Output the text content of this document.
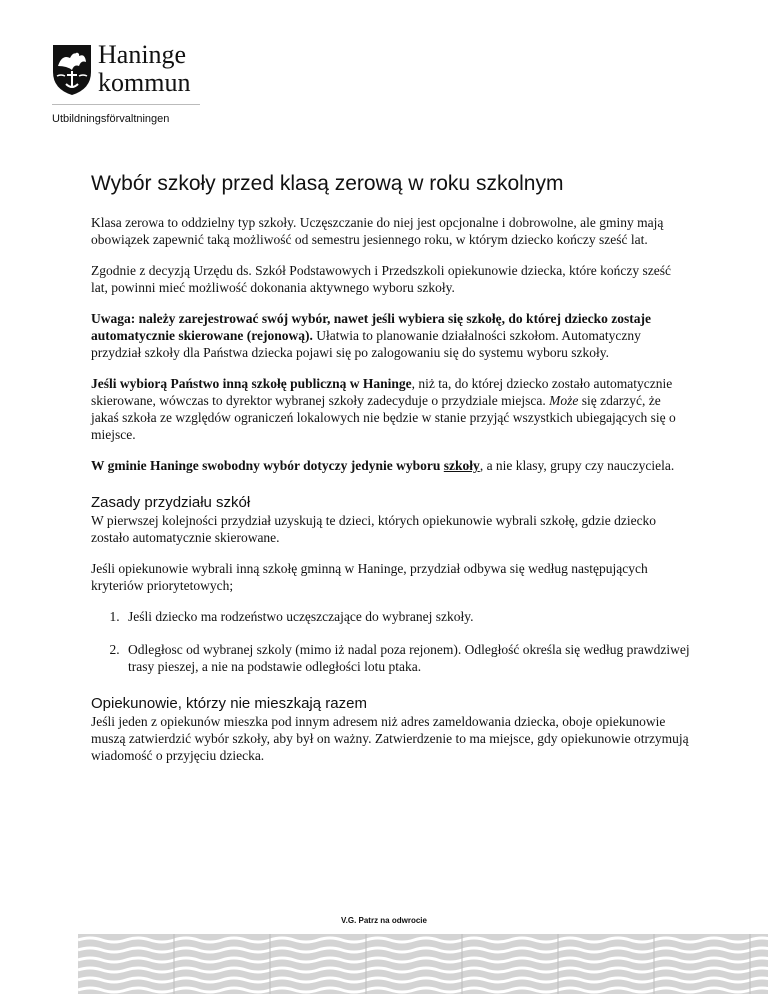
Haninge
kommun
Utbildningsförvaltningen
Wybór szkoły przed klasą zerową w roku szkolnym

Klasa zerowa to oddzielny typ szkoły. Uczęszczanie do niej jest opcjonalne i dobrowolne, ale gminy mają obowiązek zapewnić taką możliwość od semestru jesiennego roku, w którym dziecko kończy sześć lat.

Zgodnie z decyzją Urzędu ds. Szkół Podstawowych i Przedszkoli opiekunowie dziecka, które kończy sześć lat, powinni mieć możliwość dokonania aktywnego wyboru szkoły.

Uwaga: należy zarejestrować swój wybór, nawet jeśli wybiera się szkołę, do której dziecko zostaje automatycznie skierowane (rejonową). Ułatwia to planowanie działalności szkołom. Automatyczny przydział szkoły dla Państwa dziecka pojawi się po zalogowaniu się do systemu wyboru szkoły.

Jeśli wybiorą Państwo inną szkołę publiczną w Haninge, niż ta, do której dziecko zostało automatycznie skierowane, wówczas to dyrektor wybranej szkoły zadecyduje o przydziale miejsca. Może się zdarzyć, że jakaś szkoła ze względów ograniczeń lokalowych nie będzie w stanie przyjąć wszystkich ubiegających się o miejsce.

W gminie Haninge swobodny wybór dotyczy jedynie wyboru szkoły, a nie klasy, grupy czy nauczyciela.

Zasady przydziału szkół

W pierwszej kolejności przydział uzyskują te dzieci, których opiekunowie wybrali szkołę, gdzie dziecko zostało automatycznie skierowane.

Jeśli opiekunowie wybrali inną szkołę gminną w Haninge, przydział odbywa się według następujących kryteriów priorytetowych;

1. Jeśli dziecko ma rodzeństwo uczęszczające do wybranej szkoły.
2. Odległosc od wybranej szkoly (mimo iż nadal poza rejonem). Odległość określa się według prawdziwej trasy pieszej, a nie na podstawie odległości lotu ptaka.
Opiekunowie, którzy nie mieszkają razem

Jeśli jeden z opiekunów mieszka pod innym adresem niż adres zameldowania dziecka, oboje opiekunowie muszą zatwierdzić wybór szkoły, aby był on ważny. Zatwierdzenie to ma miejsce, gdy opiekunowie otrzymują wiadomość o przyjęciu dziecka.

V.G. Patrz na odwrocie
